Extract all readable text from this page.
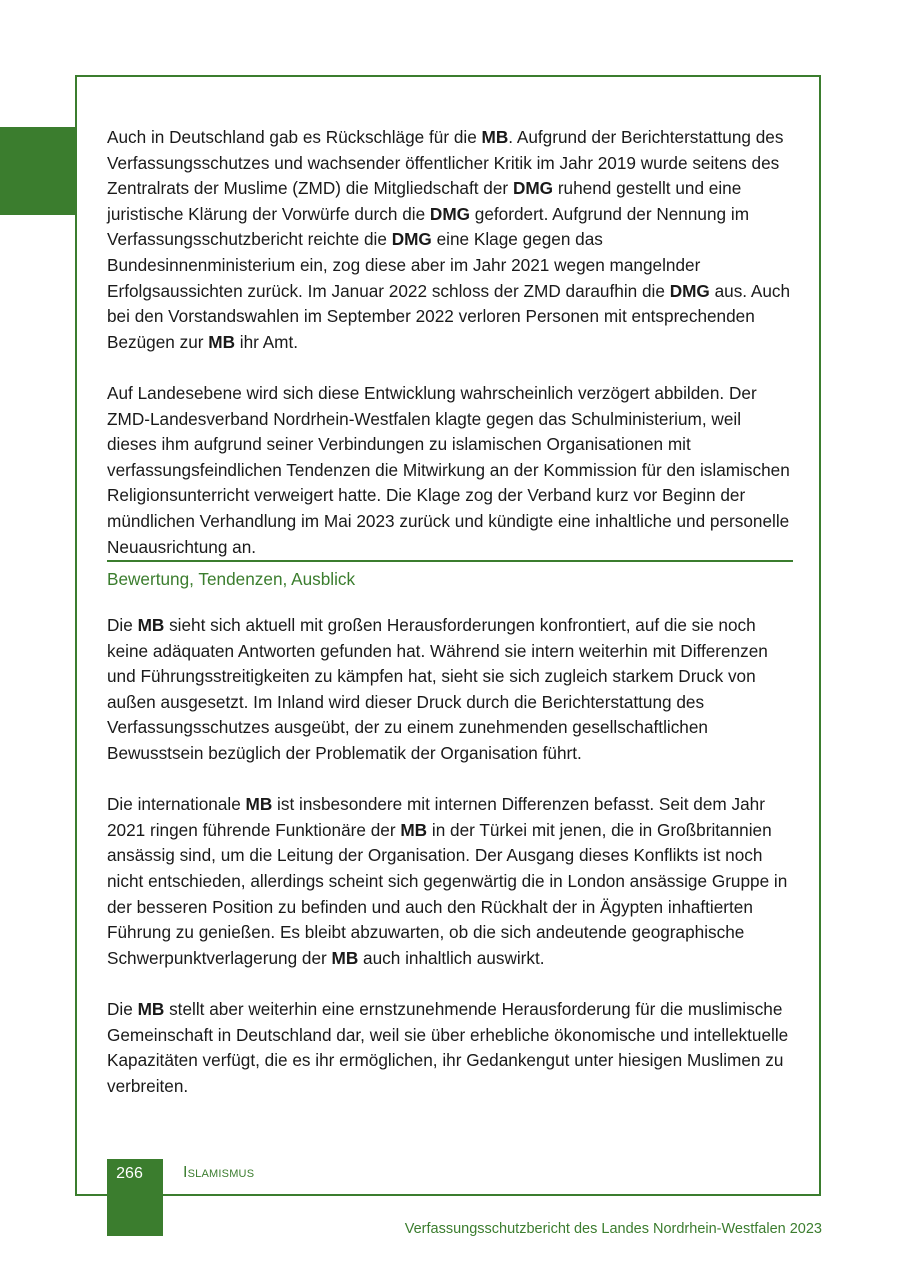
Auch in Deutschland gab es Rückschläge für die MB. Aufgrund der Berichterstattung des Verfassungsschutzes und wachsender öffentlicher Kritik im Jahr 2019 wurde seitens des Zentralrats der Muslime (ZMD) die Mitgliedschaft der DMG ruhend gestellt und eine juristische Klärung der Vorwürfe durch die DMG gefordert. Aufgrund der Nennung im Verfassungsschutzbericht reichte die DMG eine Klage gegen das Bundesinnenministerium ein, zog diese aber im Jahr 2021 wegen mangelnder Erfolgsaussichten zurück. Im Januar 2022 schloss der ZMD daraufhin die DMG aus. Auch bei den Vorstandswahlen im September 2022 verloren Personen mit entsprechenden Bezügen zur MB ihr Amt.

Auf Landesebene wird sich diese Entwicklung wahrscheinlich verzögert abbilden. Der ZMD-Landesverband Nordrhein-Westfalen klagte gegen das Schulministerium, weil dieses ihm aufgrund seiner Verbindungen zu islamischen Organisationen mit verfassungsfeindlichen Tendenzen die Mitwirkung an der Kommission für den islamischen Religionsunterricht verweigert hatte. Die Klage zog der Verband kurz vor Beginn der mündlichen Verhandlung im Mai 2023 zurück und kündigte eine inhaltliche und personelle Neuausrichtung an.

Bewertung, Tendenzen, Ausblick

Die MB sieht sich aktuell mit großen Herausforderungen konfrontiert, auf die sie noch keine adäquaten Antworten gefunden hat. Während sie intern weiterhin mit Differenzen und Führungsstreitigkeiten zu kämpfen hat, sieht sie sich zugleich starkem Druck von außen ausgesetzt. Im Inland wird dieser Druck durch die Berichterstattung des Verfassungsschutzes ausgeübt, der zu einem zunehmenden gesellschaftlichen Bewusstsein bezüglich der Problematik der Organisation führt.

Die internationale MB ist insbesondere mit internen Differenzen befasst. Seit dem Jahr 2021 ringen führende Funktionäre der MB in der Türkei mit jenen, die in Großbritannien ansässig sind, um die Leitung der Organisation. Der Ausgang dieses Konflikts ist noch nicht entschieden, allerdings scheint sich gegenwärtig die in London ansässige Gruppe in der besseren Position zu befinden und auch den Rückhalt der in Ägypten inhaftierten Führung zu genießen. Es bleibt abzuwarten, ob die sich andeutende geographische Schwerpunktverlagerung der MB auch inhaltlich auswirkt.

Die MB stellt aber weiterhin eine ernstzunehmende Herausforderung für die muslimische Gemeinschaft in Deutschland dar, weil sie über erhebliche ökonomische und intellektuelle Kapazitäten verfügt, die es ihr ermöglichen, ihr Gedankengut unter hiesigen Muslimen zu verbreiten.

266	Islamismus
Verfassungsschutzbericht des Landes Nordrhein-Westfalen 2023
